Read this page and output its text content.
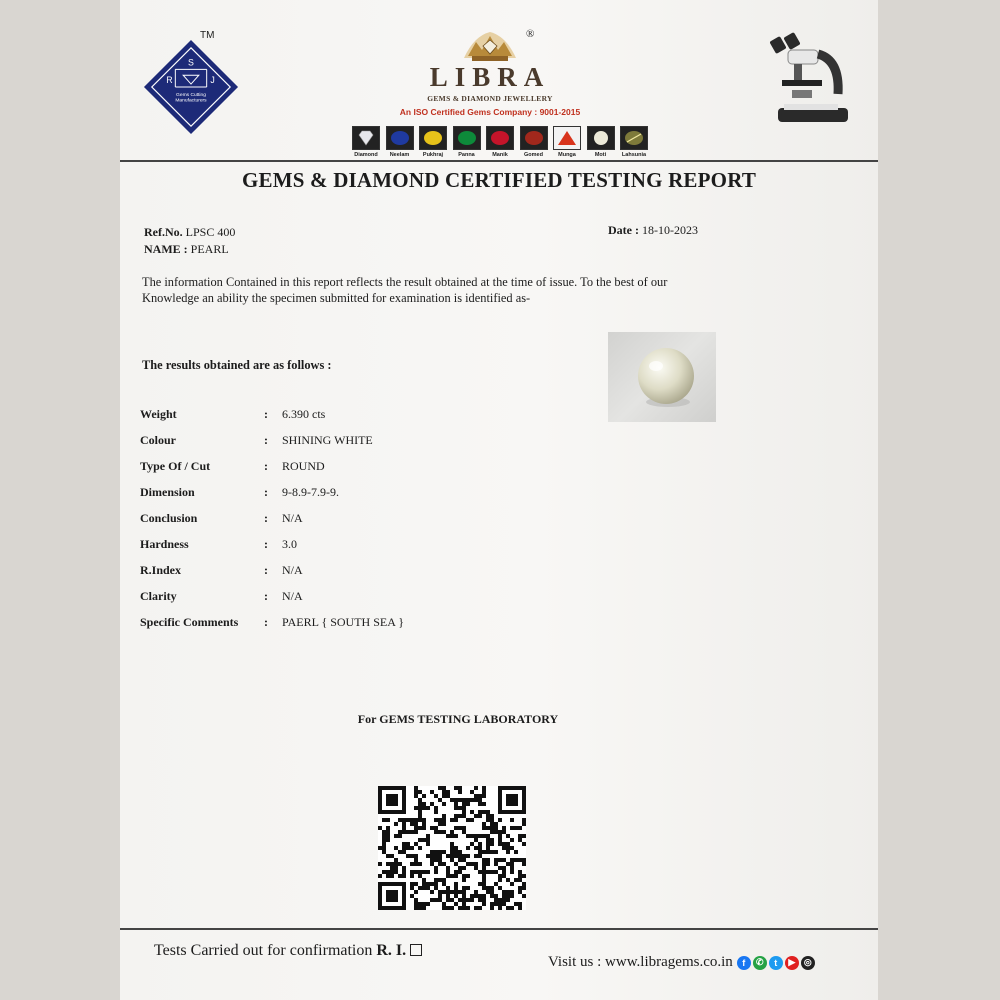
S
R	J
Gems Cutting
Manufacturers
TM	®
LIBRA
GEMS & DIAMOND JEWELLERY
An ISO Certified Gems Company : 9001-2015
Diamond	Neelam	Pukhraj	Panna	Manik	Gomed	Munga	Moti	Lahsunia
GEMS & DIAMOND CERTIFIED TESTING REPORT
Ref.No. LPSC 400
NAME : PEARL
Date : 18-10-2023
The information Contained in this report reflects the result obtained at the time of issue. To the best of our
Knowledge an ability the specimen submitted for examination is identified as-
The results obtained are as follows :
Weight	: 6.390 cts
Colour	: SHINING WHITE
Type Of / Cut	: ROUND
Dimension	: 9-8.9-7.9-9.
Conclusion	: N/A
Hardness	: 3.0
R.Index	: N/A
Clarity	: N/A
Specific Comments	: PAERL { SOUTH SEA }
For GEMS TESTING LABORATORY
Tests Carried out for confirmation R. I.
Visit us : www.libragems.co.in	f	✆	t	▶ ◎
